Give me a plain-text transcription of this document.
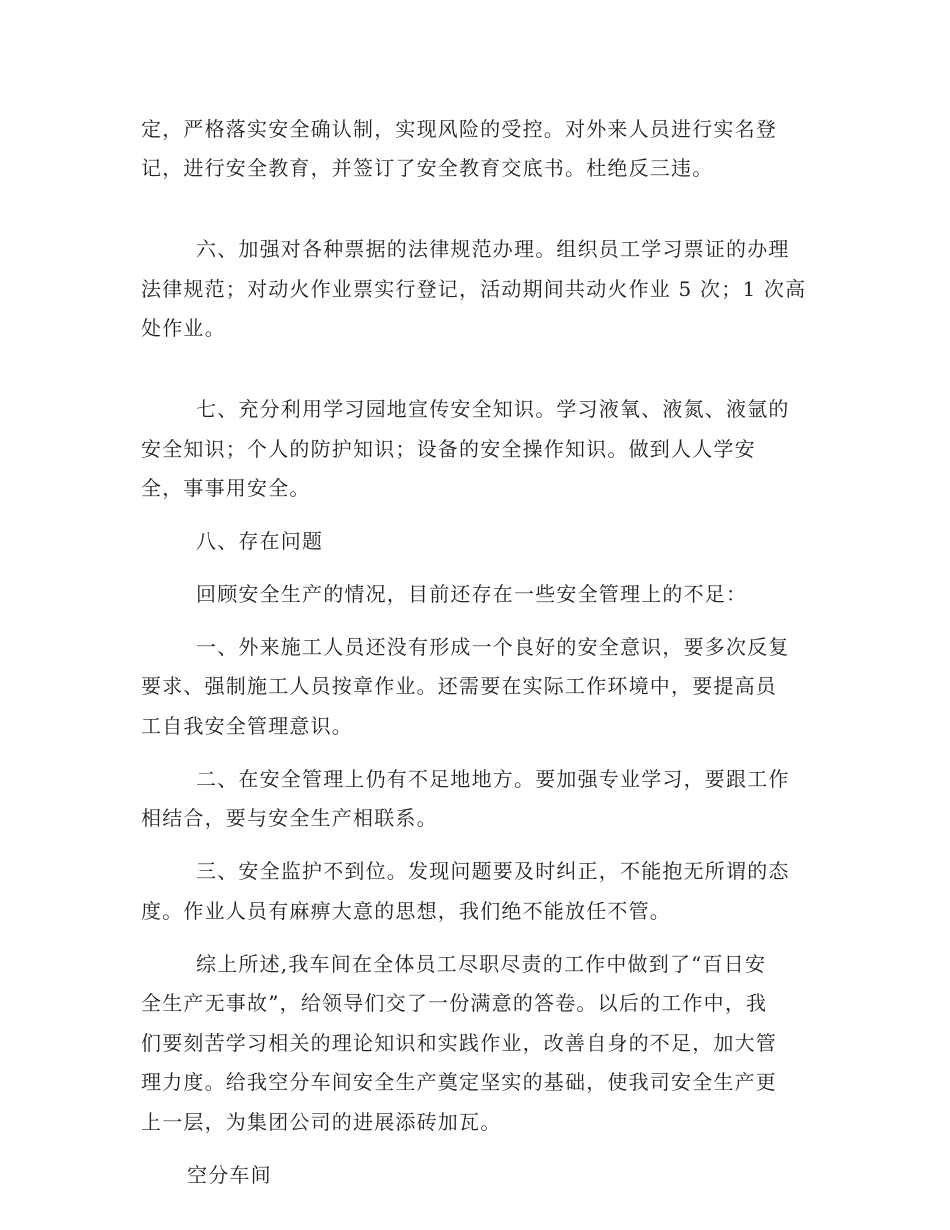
定，严格落实安全确认制，实现风险的受控。对外来人员进行实名登
记，进行安全教育，并签订了安全教育交底书。杜绝反三违。
六、加强对各种票据的法律规范办理。组织员工学习票证的办理
法律规范；对动火作业票实行登记，活动期间共动火作业 5 次；1 次高
处作业。
七、充分利用学习园地宣传安全知识。学习液氧、液氮、液氩的
安全知识；个人的防护知识；设备的安全操作知识。做到人人学安
全，事事用安全。
八、存在问题
回顾安全生产的情况，目前还存在一些安全管理上的不足：
一、外来施工人员还没有形成一个良好的安全意识，要多次反复
要求、强制施工人员按章作业。还需要在实际工作环境中，要提高员
工自我安全管理意识。
二、在安全管理上仍有不足地地方。要加强专业学习，要跟工作
相结合，要与安全生产相联系。
三、安全监护不到位。发现问题要及时纠正，不能抱无所谓的态
度。作业人员有麻痹大意的思想，我们绝不能放任不管。
综上所述,我车间在全体员工尽职尽责的工作中做到了“百日安
全生产无事故”，给领导们交了一份满意的答卷。以后的工作中，我
们要刻苦学习相关的理论知识和实践作业，改善自身的不足，加大管
理力度。给我空分车间安全生产奠定坚实的基础，使我司安全生产更
上一层，为集团公司的进展添砖加瓦。
空分车间
